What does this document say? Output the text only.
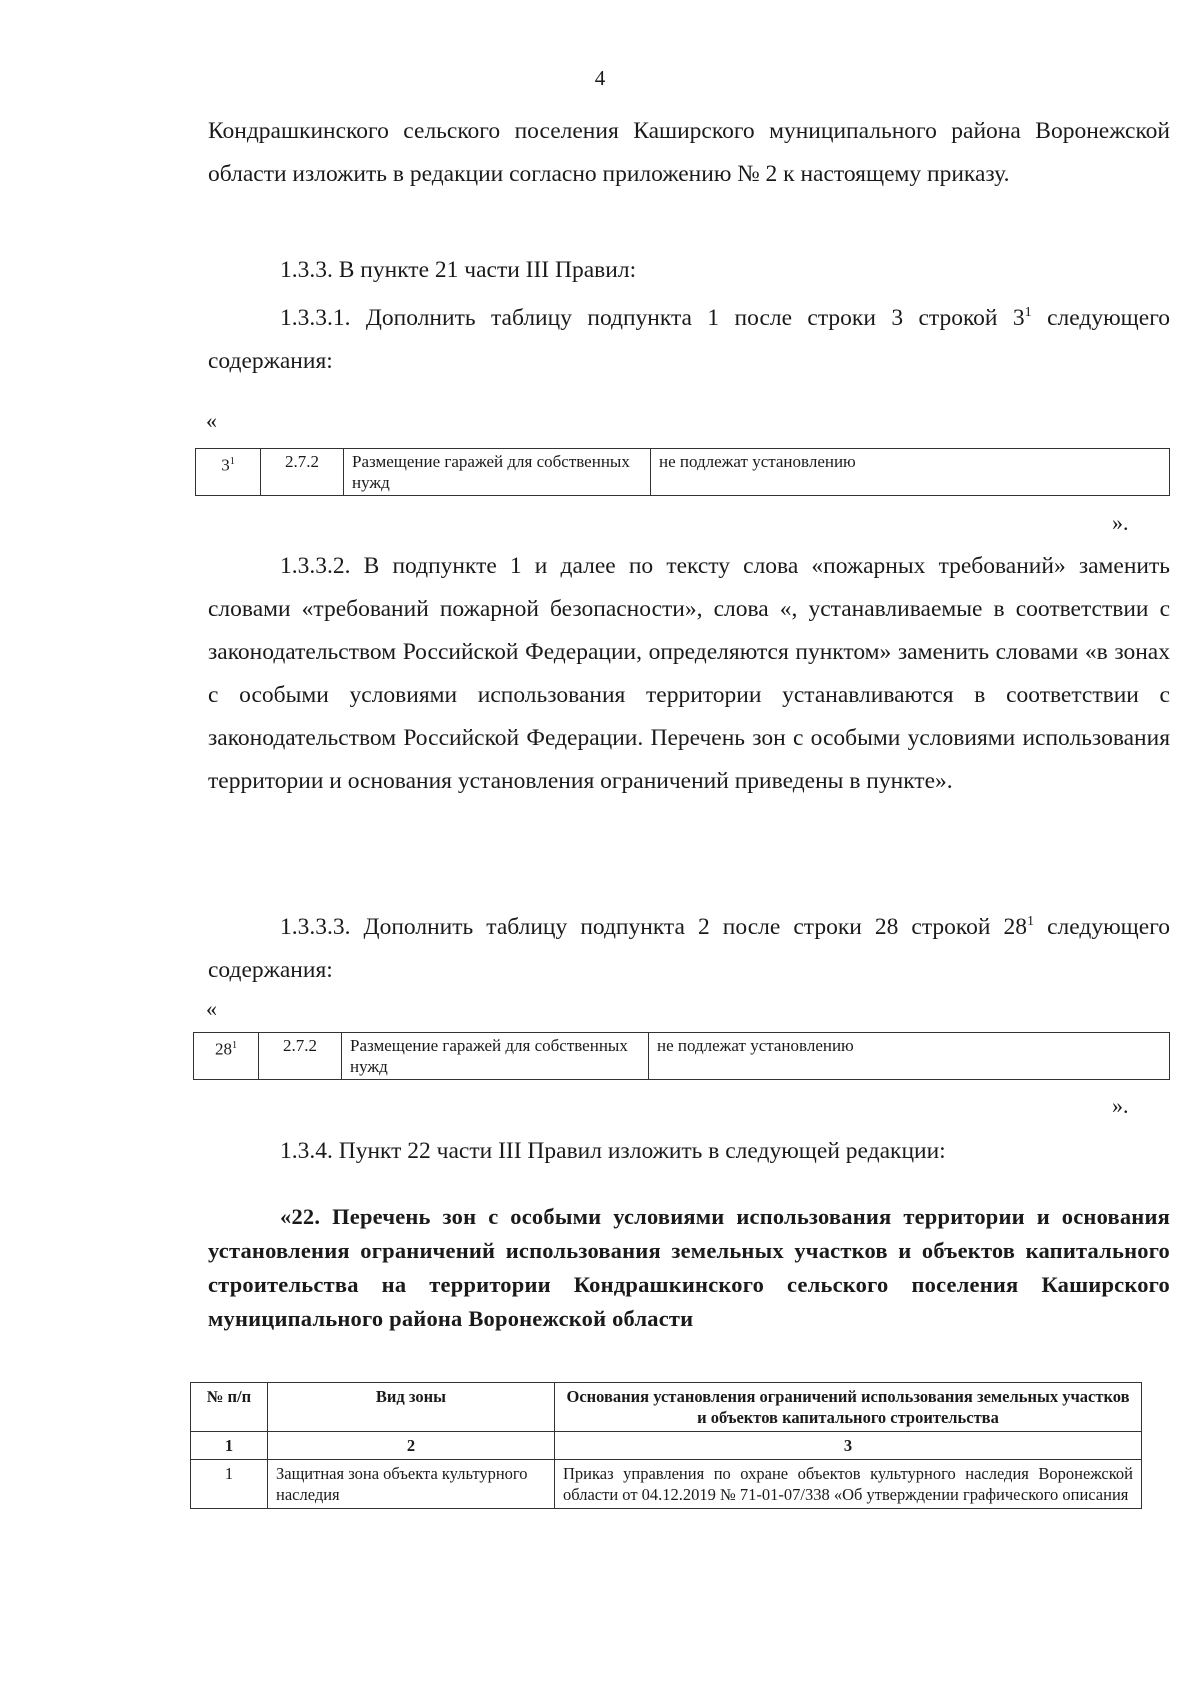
4
Кондрашкинского сельского поселения Каширского муниципального района Воронежской области изложить в редакции согласно приложению № 2 к настоящему приказу.
1.3.3. В пункте 21 части III Правил:
1.3.3.1. Дополнить таблицу подпункта 1 после строки 3 строкой $3^1$ следующего содержания:
«
$3^1$	2.7.2	Размещение гаражей для собственных нужд	не подлежат установлению
».
1.3.3.2. В подпункте 1 и далее по тексту слова «пожарных требований» заменить словами «требований пожарной безопасности», слова «, устанавливаемые в соответствии с законодательством Российской Федерации, определяются пунктом» заменить словами «в зонах с особыми условиями использования территории устанавливаются в соответствии с законодательством Российской Федерации. Перечень зон с особыми условиями использования территории и основания установления ограничений приведены в пункте».
1.3.3.3. Дополнить таблицу подпункта 2 после строки 28 строкой $28^1$ следующего содержания:
«
$28^1$	2.7.2	Размещение гаражей для собственных нужд	не подлежат установлению
».
1.3.4. Пункт 22 части III Правил изложить в следующей редакции:
«22. Перечень зон с особыми условиями использования территории и основания установления ограничений использования земельных участков и объектов капитального строительства на территории Кондрашкинского сельского поселения Каширского муниципального района Воронежской области
№ п/п	Вид зоны	Основания установления ограничений использования земельных участков и объектов капитального строительства
1	2	3
1	Защитная зона объекта культурного наследия	Приказ управления по охране объектов культурного наследия Воронежской области от 04.12.2019 № 71-01-07/338 «Об утверждении графического описания
